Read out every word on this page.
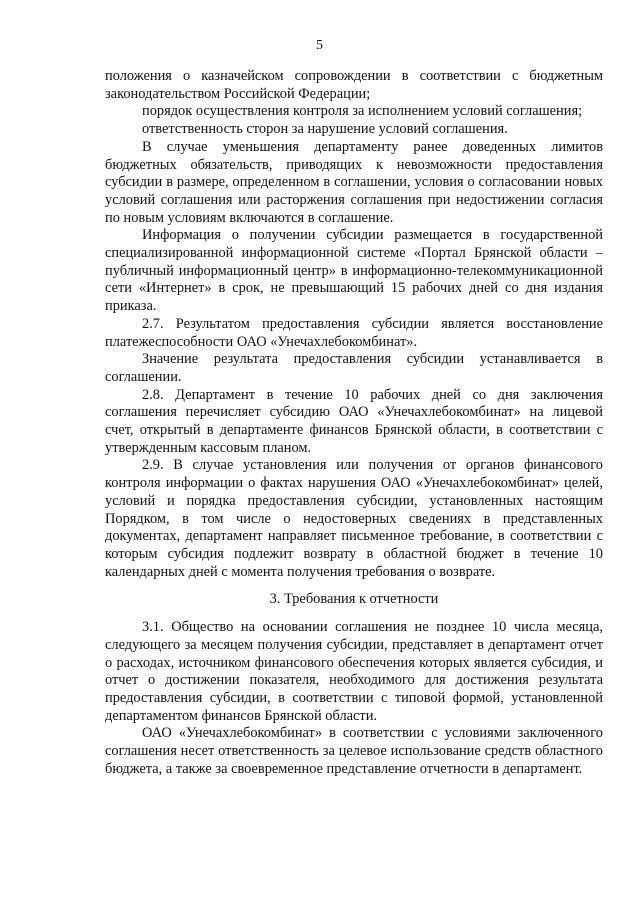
5

положения о казначейском сопровождении в соответствии с бюджетным законодательством Российской Федерации;

порядок осуществления контроля за исполнением условий соглашения;

ответственность сторон за нарушение условий соглашения.

В случае уменьшения департаменту ранее доведенных лимитов бюджетных обязательств, приводящих к невозможности предоставления субсидии в размере, определенном в соглашении, условия о согласовании новых условий соглашения или расторжения соглашения при недостижении согласия по новым условиям включаются в соглашение.

Информация о получении субсидии размещается в государственной специализированной информационной системе «Портал Брянской области – публичный информационный центр» в информационно-телекоммуникационной сети «Интернет» в срок, не превышающий 15 рабочих дней со дня издания приказа.

2.7. Результатом предоставления субсидии является восстановление платежеспособности ОАО «Унечахлебокомбинат».

Значение результата предоставления субсидии устанавливается в соглашении.

2.8. Департамент в течение 10 рабочих дней со дня заключения соглашения перечисляет субсидию ОАО «Унечахлебокомбинат» на лицевой счет, открытый в департаменте финансов Брянской области, в соответствии с утвержденным кассовым планом.

2.9. В случае установления или получения от органов финансового контроля информации о фактах нарушения ОАО «Унечахлебокомбинат» целей, условий и порядка предоставления субсидии, установленных настоящим Порядком, в том числе о недостоверных сведениях в представленных документах, департамент направляет письменное требование, в соответствии с которым субсидия подлежит возврату в областной бюджет в течение 10 календарных дней с момента получения требования о возврате.

3. Требования к отчетности

3.1. Общество на основании соглашения не позднее 10 числа месяца, следующего за месяцем получения субсидии, представляет в департамент отчет о расходах, источником финансового обеспечения которых является субсидия, и отчет о достижении показателя, необходимого для достижения результата предоставления субсидии, в соответствии с типовой формой, установленной департаментом финансов Брянской области.

ОАО «Унечахлебокомбинат» в соответствии с условиями заключенного соглашения несет ответственность за целевое использование средств областного бюджета, а также за своевременное представление отчетности в департамент.
